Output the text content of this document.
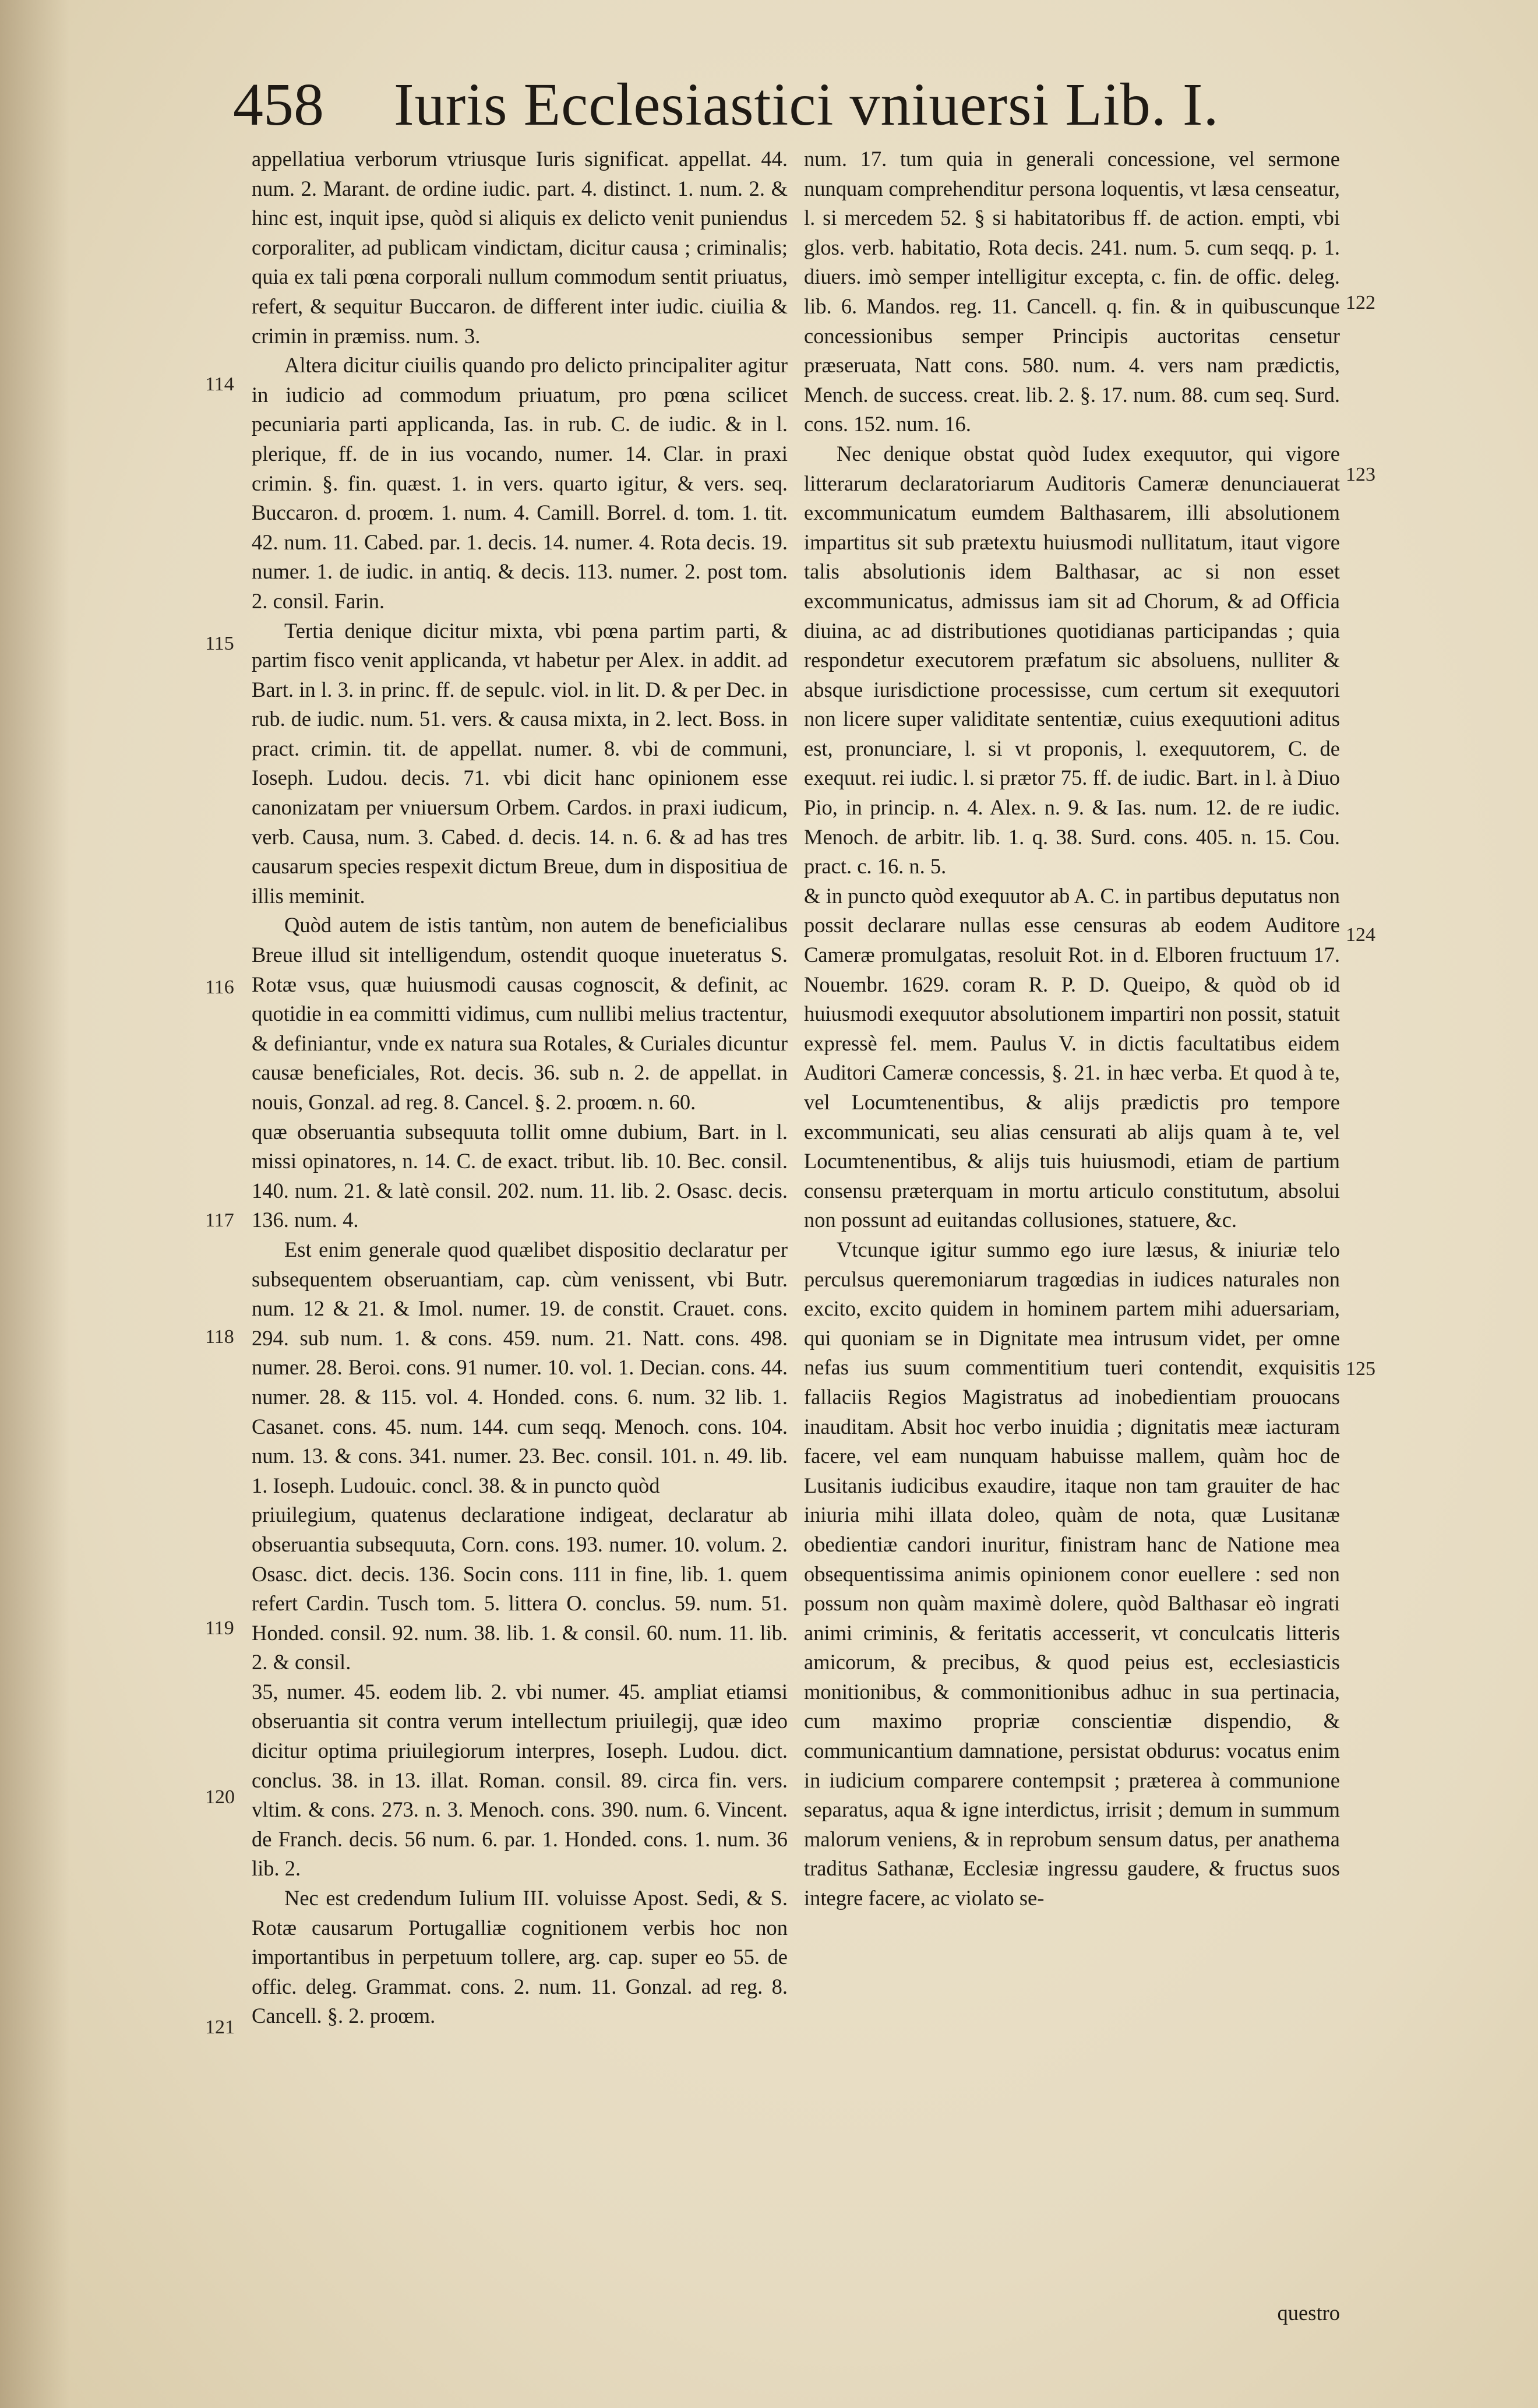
458 Iuris Ecclesiastici vniuersi Lib. I.

appellatiua verborum vtriusque Iuris significat. appellat. 44. num. 2. Marant. de ordine iudic. part. 4. distinct. 1. num. 2. & hinc est, inquit ipse, quòd si aliquis ex delicto venit puniendus corporaliter, ad publicam vindictam, dicitur causa ; criminalis; quia ex tali pœna corporali nullum commodum sentit priuatus, refert, & sequitur Buccaron. de different inter iudic. ciuilia & crimin in præmiss. num. 3.

Altera dicitur ciuilis quando pro delicto principaliter agitur in iudicio ad commodum priuatum, pro pœna scilicet pecuniaria parti applicanda, Ias. in rub. C. de iudic. & in l. plerique, ff. de in ius vocando, numer. 14. Clar. in praxi crimin. §. fin. quæst. 1. in vers. quarto igitur, & vers. seq. Buccaron. d. proœm. 1. num. 4. Camill. Borrel. d. tom. 1. tit. 42. num. 11. Cabed. par. 1. decis. 14. numer. 4. Rota decis. 19. numer. 1. de iudic. in antiq. & decis. 113. numer. 2. post tom. 2. consil. Farin.

Tertia denique dicitur mixta, vbi pœna partim parti, & partim fisco venit applicanda, vt habetur per Alex. in addit. ad Bart. in l. 3. in princ. ff. de sepulc. viol. in lit. D. & per Dec. in rub. de iudic. num. 51. vers. & causa mixta, in 2. lect. Boss. in pract. crimin. tit. de appellat. numer. 8. vbi de communi, Ioseph. Ludou. decis. 71. vbi dicit hanc opinionem esse canonizatam per vniuersum Orbem. Cardos. in praxi iudicum, verb. Causa, num. 3. Cabed. d. decis. 14. n. 6. & ad has tres causarum species respexit dictum Breue, dum in dispositiua de illis meminit.

Quòd autem de istis tantùm, non autem de beneficialibus Breue illud sit intelligendum, ostendit quoque inueteratus S. Rotæ vsus, quæ huiusmodi causas cognoscit, & definit, ac quotidie in ea committi vidimus, cum nullibi melius tractentur, & definiantur, vnde ex natura sua Rotales, & Curiales dicuntur causæ beneficiales, Rot. decis. 36. sub n. 2. de appellat. in nouis, Gonzal. ad reg. 8. Cancel. §. 2. proœm. n. 60.

quæ obseruantia subsequuta tollit omne dubium, Bart. in l. missi opinatores, n. 14. C. de exact. tribut. lib. 10. Bec. consil. 140. num. 21. & latè consil. 202. num. 11. lib. 2. Osasc. decis. 136. num. 4.

Est enim generale quod quælibet dispositio declaratur per subsequentem obseruantiam, cap. cùm venissent, vbi Butr. num. 12 & 21. & Imol. numer. 19. de constit. Crauet. cons. 294. sub num. 1. & cons. 459. num. 21. Natt. cons. 498. numer. 28. Beroi. cons. 91 numer. 10. vol. 1. Decian. cons. 44. numer. 28. & 115. vol. 4. Honded. cons. 6. num. 32 lib. 1. Casanet. cons. 45. num. 144. cum seqq. Menoch. cons. 104. num. 13. & cons. 341. numer. 23. Bec. consil. 101. n. 49. lib. 1. Ioseph. Ludouic. concl. 38. & in puncto quòd

priuilegium, quatenus declaratione indigeat, declaratur ab obseruantia subsequuta, Corn. cons. 193. numer. 10. volum. 2. Osasc. dict. decis. 136. Socin cons. 111 in fine, lib. 1. quem refert Cardin. Tusch tom. 5. littera O. conclus. 59. num. 51. Honded. consil. 92. num. 38. lib. 1. & consil. 60. num. 11. lib. 2. & consil.

35, numer. 45. eodem lib. 2. vbi numer. 45. ampliat etiamsi obseruantia sit contra verum intellectum priuilegij, quæ ideo dicitur optima priuilegiorum interpres, Ioseph. Ludou. dict. conclus. 38. in 13. illat. Roman. consil. 89. circa fin. vers. vltim. & cons. 273. n. 3. Menoch. cons. 390. num. 6. Vincent. de Franch. decis. 56 num. 6. par. 1. Honded. cons. 1. num. 36 lib. 2.

Nec est credendum Iulium III. voluisse Apost. Sedi, & S. Rotæ causarum Portugalliæ cognitionem verbis hoc non importantibus in perpetuum tollere, arg. cap. super eo 55. de offic. deleg. Grammat. cons. 2. num. 11. Gonzal. ad reg. 8. Cancell. §. 2. proœm.

num. 17. tum quia in generali concessione, vel sermone nunquam comprehenditur persona loquentis, vt læsa censeatur, l. si mercedem 52. § si habitatoribus ff. de action. empti, vbi glos. verb. habitatio, Rota decis. 241. num. 5. cum seqq. p. 1. diuers. imò semper intelligitur excepta, c. fin. de offic. deleg. lib. 6. Mandos. reg. 11. Cancell. q. fin. & in quibuscunque concessionibus semper Principis auctoritas censetur præseruata, Natt cons. 580. num. 4. vers nam prædictis, Mench. de success. creat. lib. 2. §. 17. num. 88. cum seq. Surd. cons. 152. num. 16.

Nec denique obstat quòd Iudex exequutor, qui vigore litterarum declaratoriarum Auditoris Cameræ denunciauerat excommunicatum eumdem Balthasarem, illi absolutionem impartitus sit sub prætextu huiusmodi nullitatum, itaut vigore talis absolutionis idem Balthasar, ac si non esset excommunicatus, admissus iam sit ad Chorum, & ad Officia diuina, ac ad distributiones quotidianas participandas ; quia respondetur executorem præfatum sic absoluens, nulliter & absque iurisdictione processisse, cum certum sit exequutori non licere super validitate sententiæ, cuius exequutioni aditus est, pronunciare, l. si vt proponis, l. exequutorem, C. de exequut. rei iudic. l. si prætor 75. ff. de iudic. Bart. in l. à Diuo Pio, in princip. n. 4. Alex. n. 9. & Ias. num. 12. de re iudic. Menoch. de arbitr. lib. 1. q. 38. Surd. cons. 405. n. 15. Cou. pract. c. 16. n. 5.

& in puncto quòd exequutor ab A. C. in partibus deputatus non possit declarare nullas esse censuras ab eodem Auditore Cameræ promulgatas, resoluit Rot. in d. Elboren fructuum 17. Nouembr. 1629. coram R. P. D. Queipo, & quòd ob id huiusmodi exequutor absolutionem impartiri non possit, statuit expressè fel. mem. Paulus V. in dictis facultatibus eidem Auditori Cameræ concessis, §. 21. in hæc verba. Et quod à te, vel Locumtenentibus, & alijs prædictis pro tempore excommunicati, seu alias censurati ab alijs quam à te, vel Locumtenentibus, & alijs tuis huiusmodi, etiam de partium consensu præterquam in mortu articulo constitutum, absolui non possunt ad euitandas collusiones, statuere, &c.

Vtcunque igitur summo ego iure læsus, & iniuriæ telo perculsus queremoniarum tragœdias in iudices naturales non excito, excito quidem in hominem partem mihi aduersariam, qui quoniam se in Dignitate mea intrusum videt, per omne nefas ius suum commentitium tueri contendit, exquisitis fallaciis Regios Magistratus ad inobedientiam prouocans inauditam. Absit hoc verbo inuidia ; dignitatis meæ iacturam facere, vel eam nunquam habuisse mallem, quàm hoc de Lusitanis iudicibus exaudire, itaque non tam grauiter de hac iniuria mihi illata doleo, quàm de nota, quæ Lusitanæ obedientiæ candori inuritur, finistram hanc de Natione mea obsequentissima animis opinionem conor euellere : sed non possum non quàm maximè dolere, quòd Balthasar eò ingrati animi criminis, & feritatis accesserit, vt conculcatis litteris amicorum, & precibus, & quod peius est, ecclesiasticis monitionibus, & commonitionibus adhuc in sua pertinacia, cum maximo propriæ conscientiæ dispendio, & communicantium damnatione, persistat obdurus: vocatus enim in iudicium comparere contempsit ; præterea à communione separatus, aqua & igne interdictus, irrisit ; demum in summum malorum veniens, & in reprobum sensum datus, per anathema traditus Sathanæ, Ecclesiæ ingressu gaudere, & fructus suos integre facere, ac violato se-

114
115
116
117
118
119
120
121
122
123
124
125
questro
